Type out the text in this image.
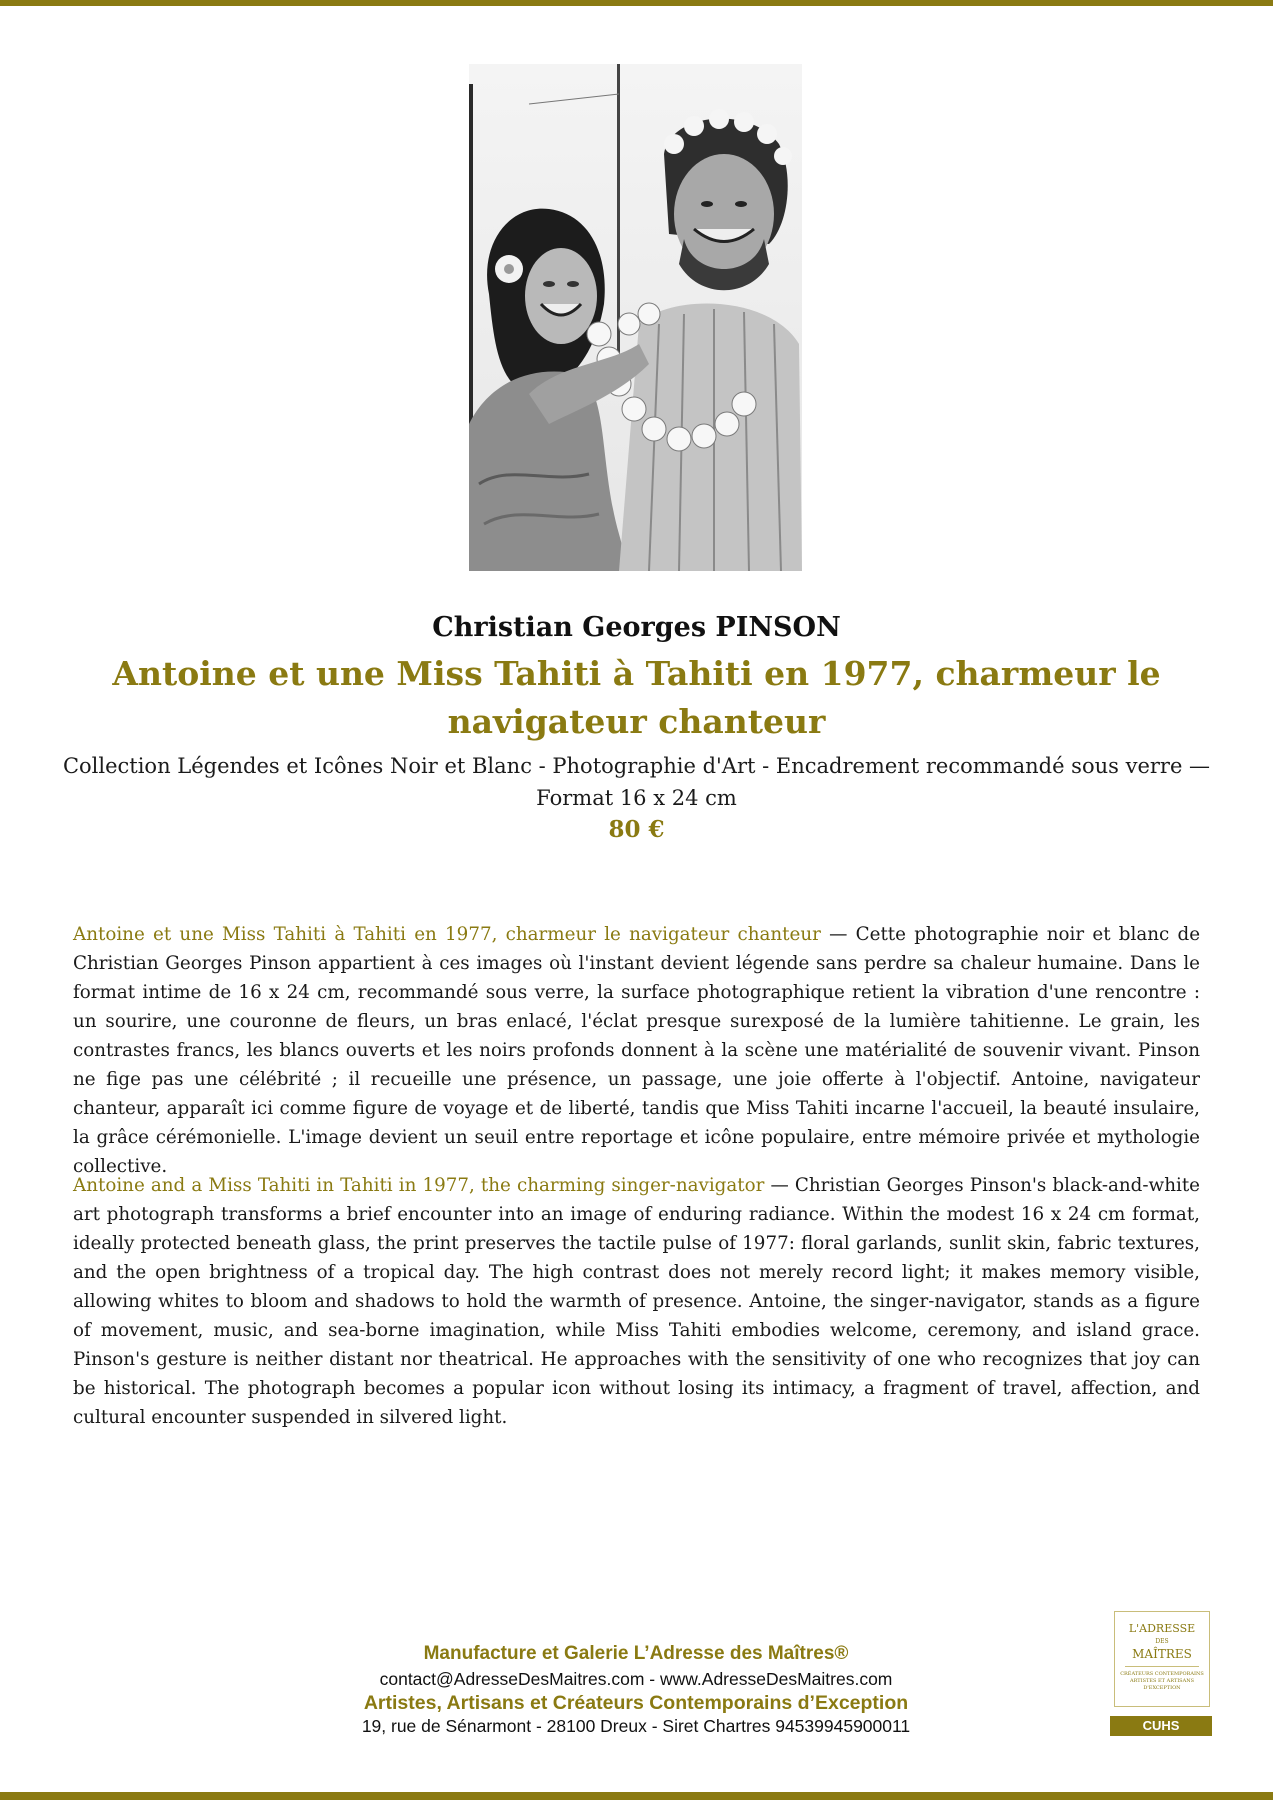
Christian Georges PINSON
Antoine et une Miss Tahiti à Tahiti en 1977, charmeur le navigateur chanteur
Collection Légendes et Icônes Noir et Blanc - Photographie d'Art - Encadrement recommandé sous verre —
Format 16 x 24 cm
80 €

Antoine et une Miss Tahiti à Tahiti en 1977, charmeur le navigateur chanteur — Cette photographie noir et blanc de Christian Georges Pinson appartient à ces images où l'instant devient légende sans perdre sa chaleur humaine. Dans le format intime de 16 x 24 cm, recommandé sous verre, la surface photographique retient la vibration d'une rencontre : un sourire, une couronne de fleurs, un bras enlacé, l'éclat presque surexposé de la lumière tahitienne. Le grain, les contrastes francs, les blancs ouverts et les noirs profonds donnent à la scène une matérialité de souvenir vivant. Pinson ne fige pas une célébrité ; il recueille une présence, un passage, une joie offerte à l'objectif. Antoine, navigateur chanteur, apparaît ici comme figure de voyage et de liberté, tandis que Miss Tahiti incarne l'accueil, la beauté insulaire, la grâce cérémonielle. L'image devient un seuil entre reportage et icône populaire, entre mémoire privée et mythologie collective.

Antoine and a Miss Tahiti in Tahiti in 1977, the charming singer-navigator — Christian Georges Pinson's black-and-white art photograph transforms a brief encounter into an image of enduring radiance. Within the modest 16 x 24 cm format, ideally protected beneath glass, the print preserves the tactile pulse of 1977: floral garlands, sunlit skin, fabric textures, and the open brightness of a tropical day. The high contrast does not merely record light; it makes memory visible, allowing whites to bloom and shadows to hold the warmth of presence. Antoine, the singer-navigator, stands as a figure of movement, music, and sea-borne imagination, while Miss Tahiti embodies welcome, ceremony, and island grace. Pinson's gesture is neither distant nor theatrical. He approaches with the sensitivity of one who recognizes that joy can be historical. The photograph becomes a popular icon without losing its intimacy, a fragment of travel, affection, and cultural encounter suspended in silvered light.

Manufacture et Galerie L’Adresse des Maîtres®
contact@AdresseDesMaitres.com - www.AdresseDesMaitres.com
Artistes, Artisans et Créateurs Contemporains d’Exception
19, rue de Sénarmont - 28100 Dreux - Siret Chartres 94539945900011
L'ADRESSE
DES
MAÎTRES
CRÉATEURS CONTEMPORAINS ARTISTES ET ARTISANS D'EXCEPTION
CUHS
